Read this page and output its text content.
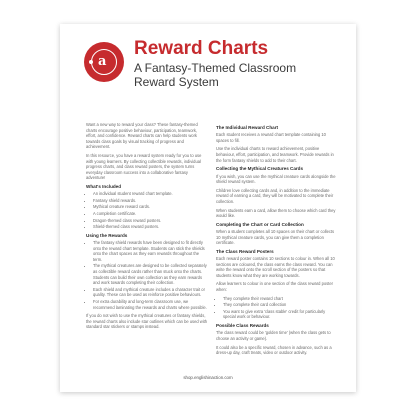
a
Reward Charts
A Fantasy-Themed Classroom Reward System

Want a new way to reward your class? These fantasy-themed charts encourage positive behaviour, participation, teamwork, effort, and confidence. Reward charts can help students work towards class goals by visual tracking of progress and achievement.

In this resource, you have a reward system ready for you to use with young learners. By collecting collectible rewards, individual progress charts, and class reward posters, the system turns everyday classroom success into a collaborative fantasy adventure!

What's Included
• An individual student reward chart template.
• Fantasy shield rewards.
• Mythical creature reward cards.
• A completion certificate.
• Dragon-themed class reward posters.
• Shield-themed class reward posters.
Using the Rewards
• The fantasy shield rewards have been designed to fit directly onto the reward chart template. Students can stick the shields onto the chart spaces as they earn rewards throughout the term.
• The mythical creatures are designed to be collected separately as collectible reward cards rather than stuck onto the charts. Students can build their own collection as they earn rewards and work towards completing their collection.
• Each shield and mythical creature includes a character trait or quality. These can be used as reinforce positive behaviours.
• For extra durability and long-term classroom use, we recommend laminating the rewards and charts where possible.

If you do not wish to use the mythical creatures or fantasy shields, the reward charts also include star outlines which can be used with standard star stickers or stamps instead.

The Individual Reward Chart

Each student receives a reward chart template containing 10 spaces to fill.

Use the individual charts to reward achievement, positive behaviour, effort, participation, and teamwork. Provide rewards in the form fantasy shields to add to their chart.

Collecting the Mythical Creatures Cards

If you wish, you can use the mythical creature cards alongside the shield reward system.

Children love collecting cards and, in addition to the immediate reward of earning a card, they will be motivated to complete their collection.

When students earn a card, allow them to choose which card they would like.

Completing the Chart or Card Collection

When a student completes all 10 spaces on their chart or collects 10 mythical creature cards, you can give them a completion certificate.

The Class Reward Posters

Each reward poster contains 10 sections to colour in. When all 10 sections are coloured, the class earns the class reward. You can write the reward onto the scroll section of the posters so that students know what they are working towards.

Allow learners to colour in one section of the class reward poster when:

• They complete their reward chart
• They complete their card collection
• You want to give extra 'class stable' credit for particularly special work or behaviour.
Possible Class Rewards

The class reward could be 'golden time' (when the class gets to choose an activity or game).

It could also be a specific reward, chosen in advance, such as a dress-up day, craft treats, video or outdoor activity.

shop.englishinaction.com
